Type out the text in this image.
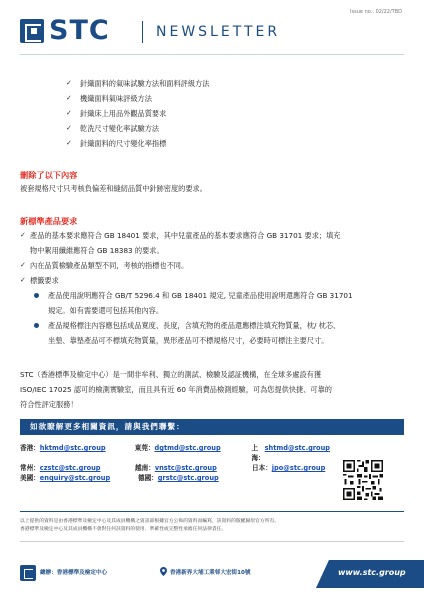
Issue no.: 02/22/TBD
STC	NEWSLETTER
✓ 針織面料的氣味試驗方法和面料評級方法
✓ 機織面料氣味評級方法
✓ 針織床上用品外觀品質要求
✓ 乾洗尺寸變化率試驗方法
✓ 針織面料的尺寸變化率指標
刪除了以下內容
被套規格尺寸只考核負偏差和縫紉品質中針跡密度的要求。
新標準產品要求
✓ 產品的基本要求應符合 GB 18401 要求，其中兒童產品的基本要求應符合 GB 31701 要求；填充
物中絮用纖維應符合 GB 18383 的要求。
✓ 內在品質檢驗產品類型不同，考核的指標也不同。
✓ 標籤要求
產品使用說明應符合 GB/T 5296.4 和 GB 18401 規定, 兒童產品使用說明還應符合 GB 31701
規定。如有需要還可包括其他內容。
產品規格標注內容應包括成品寬度、長度，含填充物的產品還應標注填充物質量，枕/ 枕芯、
坐墊、靠墊產品可不標填充物質量，異形產品可不標規格尺寸，必要時可標注主要尺寸。
STC（香港標準及檢定中心）是一間非牟利、獨立的測試、檢驗及認証機構，在全球多處設有獲
ISO/IEC 17025 認可的檢測實驗室，而且具有近 60 年消費品檢測經驗，可為您提供快捷、可靠的
符合性評定服務！
如欲瞭解更多相關資訊，請與我們聯繫：
香港： hktmd@stc.group	東莞： dgtmd@stc.group	上海：
shtmd@stc.group
常州： czstc@stc.group	越南： vnstc@stc.group	日本： jpo@stc.group
美國： enquiry@stc.group	德國： grstc@stc.group
以上提供的資料是由香港標準及檢定中心及其成員機構之資訊部根據官方公佈的資料而編寫，該資料的版權歸原官方所有。
香港標準及檢定中心及其成員機構不會對任何該資料的使用、準確性或完整性承擔任何法律責任。
總辦：香港標準及檢定中心	香港新界大埔工業邨大宏街10號	www.stc.group
